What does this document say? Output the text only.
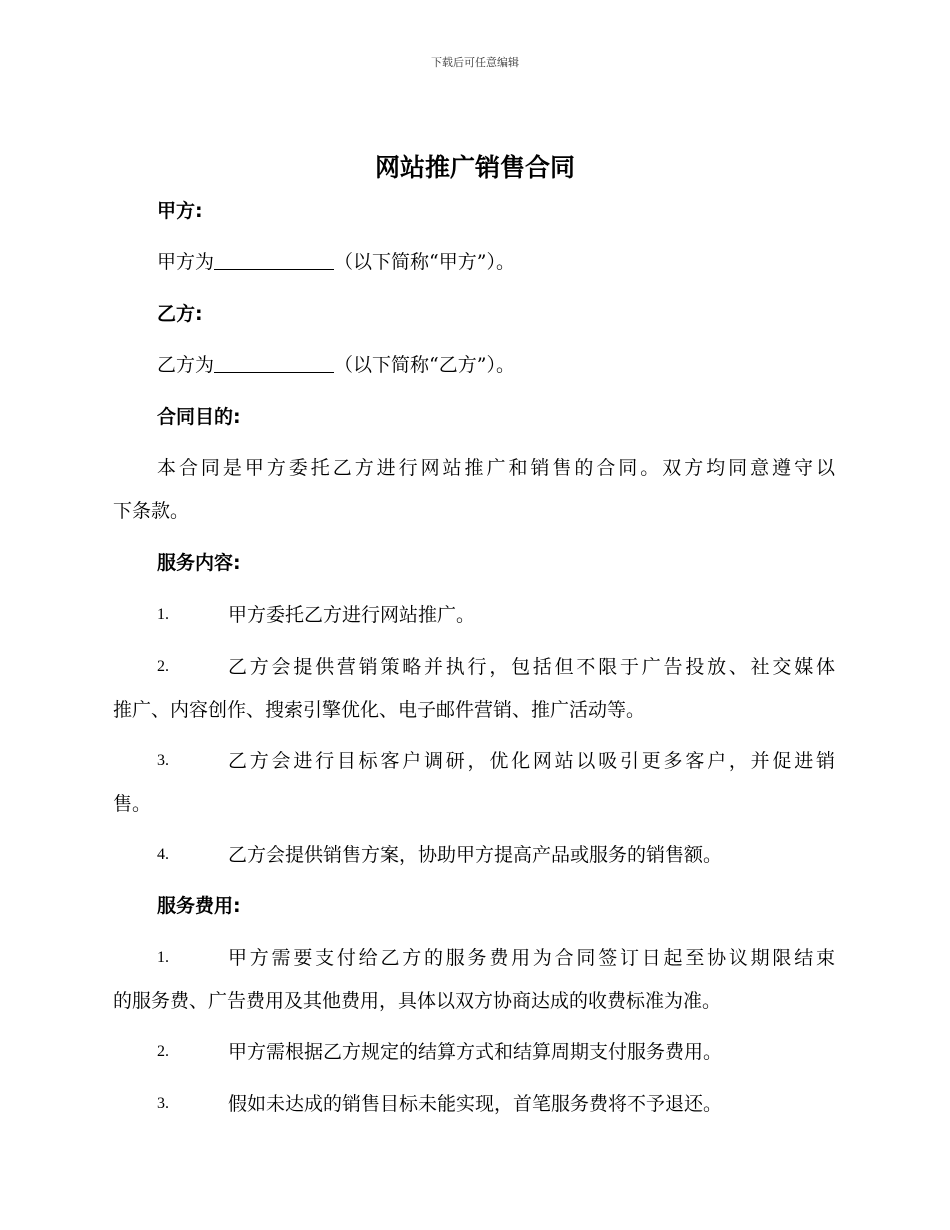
下载后可任意编辑
网站推广销售合同
甲方:
甲方为	（以下简称“甲方”）。
乙方:
乙方为	（以下简称“乙方”）。
合同目的:
本合同是甲方委托乙方进行网站推广和销售的合同。双方均同意遵守以
下条款。
服务内容:
1.	甲方委托乙方进行网站推广。
2.	乙方会提供营销策略并执行，包括但不限于广告投放、社交媒体
推广、内容创作、搜索引擎优化、电子邮件营销、推广活动等。
3.	乙方会进行目标客户调研，优化网站以吸引更多客户，并促进销
售。
4.	乙方会提供销售方案，协助甲方提高产品或服务的销售额。
服务费用:
1.	甲方需要支付给乙方的服务费用为合同签订日起至协议期限结束
的服务费、广告费用及其他费用，具体以双方协商达成的收费标准为准。
2.	甲方需根据乙方规定的结算方式和结算周期支付服务费用。
3.	假如未达成的销售目标未能实现，首笔服务费将不予退还。
